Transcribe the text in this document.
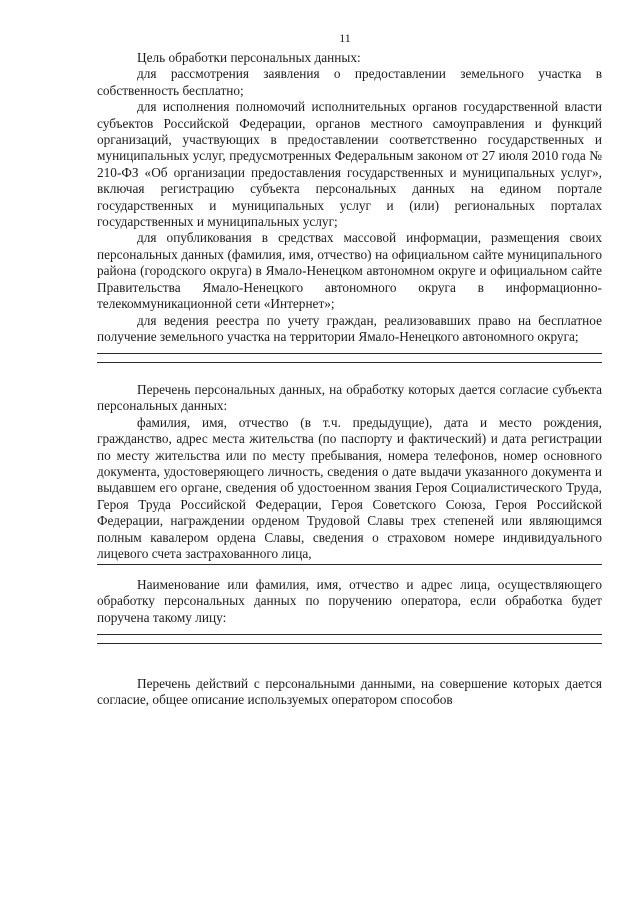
11

Цель обработки персональных данных:

для рассмотрения заявления о предоставлении земельного участка в собственность бесплатно;

для исполнения полномочий исполнительных органов государственной власти субъектов Российской Федерации, органов местного самоуправления и функций организаций, участвующих в предоставлении соответственно государственных и муниципальных услуг, предусмотренных Федеральным законом от 27 июля 2010 года № 210-ФЗ «Об организации предоставления государственных и муниципальных услуг», включая регистрацию субъекта персональных данных на едином портале государственных и муниципальных услуг и (или) региональных порталах государственных и муниципальных услуг;

для опубликования в средствах массовой информации, размещения своих персональных данных (фамилия, имя, отчество) на официальном сайте муниципального района (городского округа) в Ямало-Ненецком автономном округе и официальном сайте Правительства Ямало-Ненецкого автономного округа в информационно-телекоммуникационной сети «Интернет»;

для ведения реестра по учету граждан, реализовавших право на бесплатное получение земельного участка на территории Ямало-Ненецкого автономного округа;

Перечень персональных данных, на обработку которых дается согласие субъекта персональных данных:

фамилия, имя, отчество (в т.ч. предыдущие), дата и место рождения, гражданство, адрес места жительства (по паспорту и фактический) и дата регистрации по месту жительства или по месту пребывания, номера телефонов, номер основного документа, удостоверяющего личность, сведения о дате выдачи указанного документа и выдавшем его органе, сведения об удостоенном звания Героя Социалистического Труда, Героя Труда Российской Федерации, Героя Советского Союза, Героя Российской Федерации, награждении орденом Трудовой Славы трех степеней или являющимся полным кавалером ордена Славы, сведения о страховом номере индивидуального лицевого счета застрахованного лица,

Наименование или фамилия, имя, отчество и адрес лица, осуществляющего обработку персональных данных по поручению оператора, если обработка будет поручена такому лицу:

Перечень действий с персональными данными, на совершение которых дается согласие, общее описание используемых оператором способов
